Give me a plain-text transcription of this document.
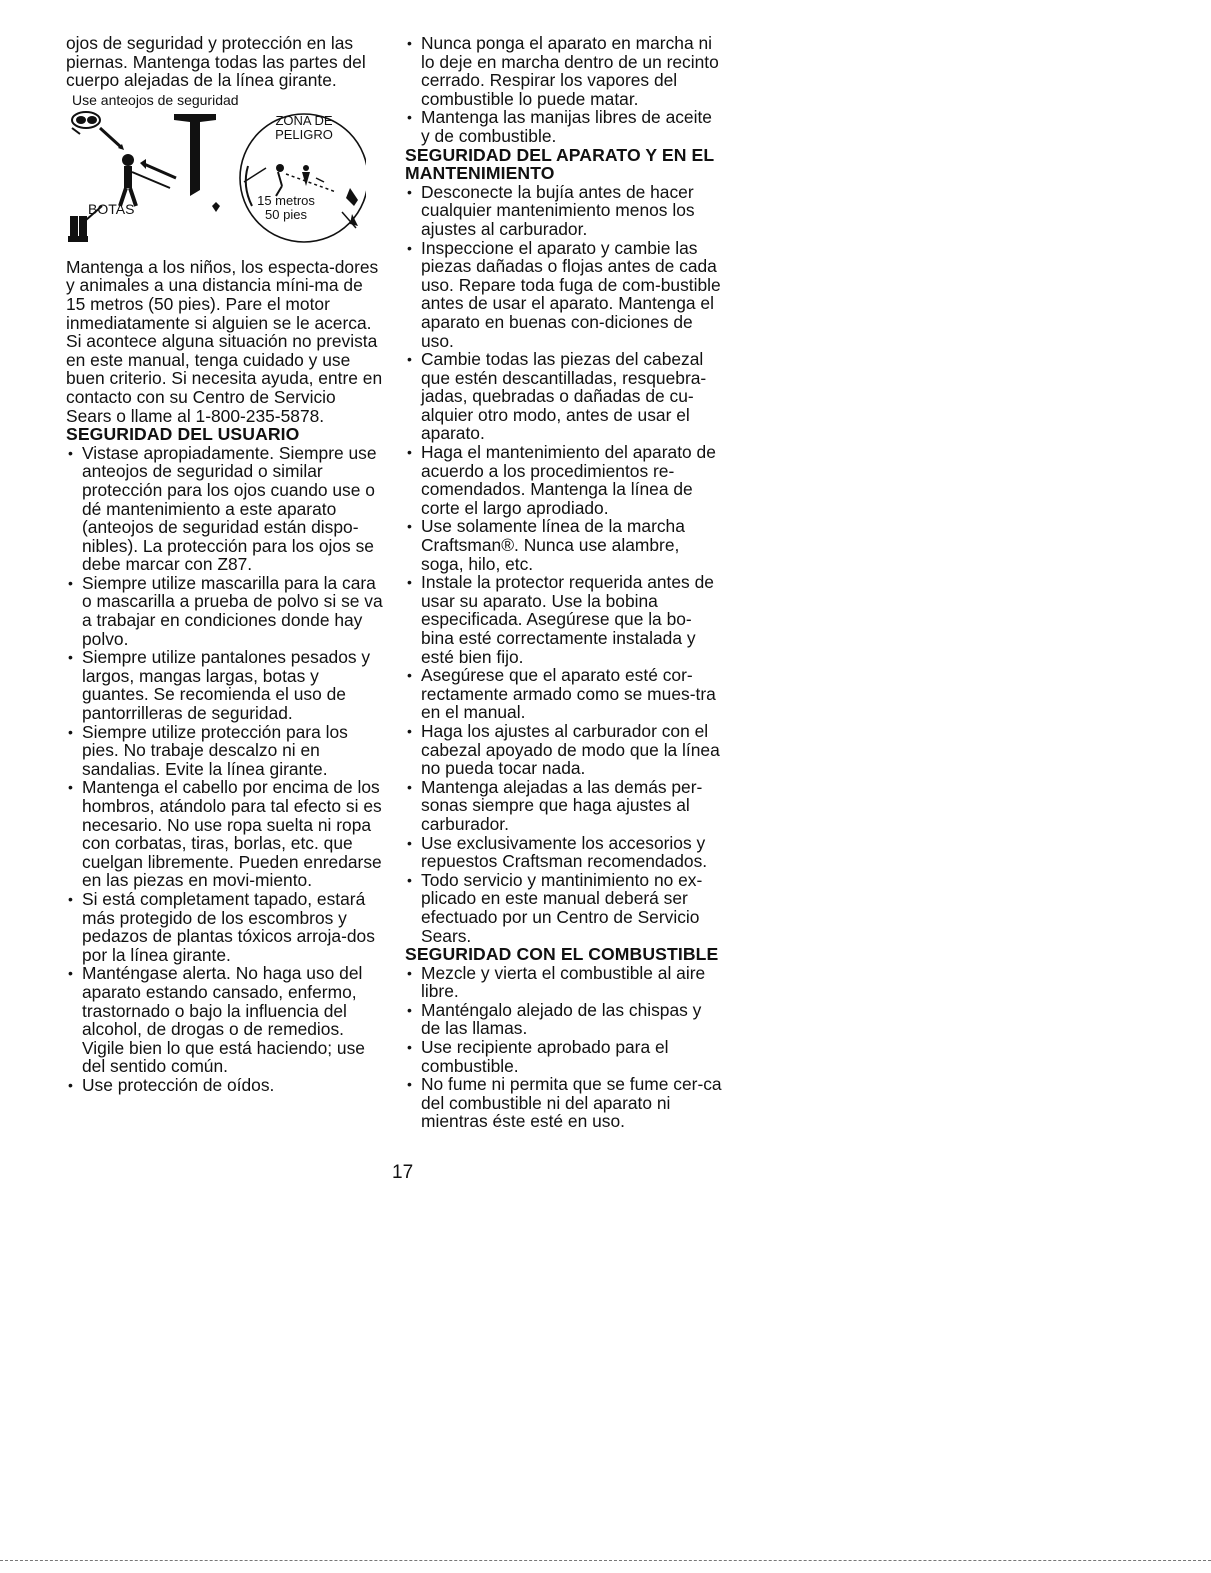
ojos de seguridad y protección en las piernas. Mantenga todas las partes del cuerpo alejadas de la línea girante.

Use anteojos de seguridad
ZONA DE PELIGRO
15 metros
50 pies
BOTAS

Mantenga a los niños, los especta-dores y animales a una distancia míni-ma de 15 metros (50 pies). Pare el motor inmediatamente si alguien se le acerca.

Si acontece alguna situación no prevista en este manual, tenga cuidado y use buen criterio. Si necesita ayuda, entre en contacto con su Centro de Servicio Sears o llame al 1-800-235-5878.

SEGURIDAD DEL USUARIO
• Vistase apropiadamente. Siempre use anteojos de seguridad o similar protección para los ojos cuando use o dé mantenimiento a este aparato (anteojos de seguridad están dispo-nibles). La protección para los ojos se debe marcar con Z87.
• Siempre utilize mascarilla para la cara o mascarilla a prueba de polvo si se va a trabajar en condiciones donde hay polvo.
• Siempre utilize pantalones pesados y largos, mangas largas, botas y guantes. Se recomienda el uso de pantorrilleras de seguridad.
• Siempre utilize protección para los pies. No trabaje descalzo ni en sandalias. Evite la línea girante.
• Mantenga el cabello por encima de los hombros, atándolo para tal efecto si es necesario. No use ropa suelta ni ropa con corbatas, tiras, borlas, etc. que cuelgan libremente. Pueden enredarse en las piezas en movi-miento.
• Si está completament tapado, estará más protegido de los escombros y pedazos de plantas tóxicos arroja-dos por la línea girante.
• Manténgase alerta. No haga uso del aparato estando cansado, enfermo, trastornado o bajo la influencia del alcohol, de drogas o de remedios. Vigile bien lo que está haciendo; use del sentido común.
• Use protección de oídos.
• Nunca ponga el aparato en marcha ni lo deje en marcha dentro de un recinto cerrado. Respirar los vapores del combustible lo puede matar.
• Mantenga las manijas libres de aceite y de combustible.
SEGURIDAD DEL APARATO Y EN EL MANTENIMIENTO
• Desconecte la bujía antes de hacer cualquier mantenimiento menos los ajustes al carburador.
• Inspeccione el aparato y cambie las piezas dañadas o flojas antes de cada uso. Repare toda fuga de com-bustible antes de usar el aparato. Mantenga el aparato en buenas con-diciones de uso.
• Cambie todas las piezas del cabezal que estén descantilladas, resquebra-jadas, quebradas o dañadas de cu-alquier otro modo, antes de usar el aparato.
• Haga el mantenimiento del aparato de acuerdo a los procedimientos re-comendados. Mantenga la línea de corte el largo aprodiado.
• Use solamente línea de la marcha Craftsman®. Nunca use alambre, soga, hilo, etc.
• Instale la protector requerida antes de usar su aparato. Use la bobina especificada. Asegúrese que la bo-bina esté correctamente instalada y esté bien fijo.
• Asegúrese que el aparato esté cor-rectamente armado como se mues-tra en el manual.
• Haga los ajustes al carburador con el cabezal apoyado de modo que la línea no pueda tocar nada.
• Mantenga alejadas a las demás per-sonas siempre que haga ajustes al carburador.
• Use exclusivamente los accesorios y repuestos Craftsman recomendados.
• Todo servicio y mantinimiento no ex-plicado en este manual deberá ser efectuado por un Centro de Servicio Sears.
SEGURIDAD CON EL COMBUSTIBLE
• Mezcle y vierta el combustible al aire libre.
• Manténgalo alejado de las chispas y de las llamas.
• Use recipiente aprobado para el combustible.
• No fume ni permita que se fume cer-ca del combustible ni del aparato ni mientras éste esté en uso.
17
